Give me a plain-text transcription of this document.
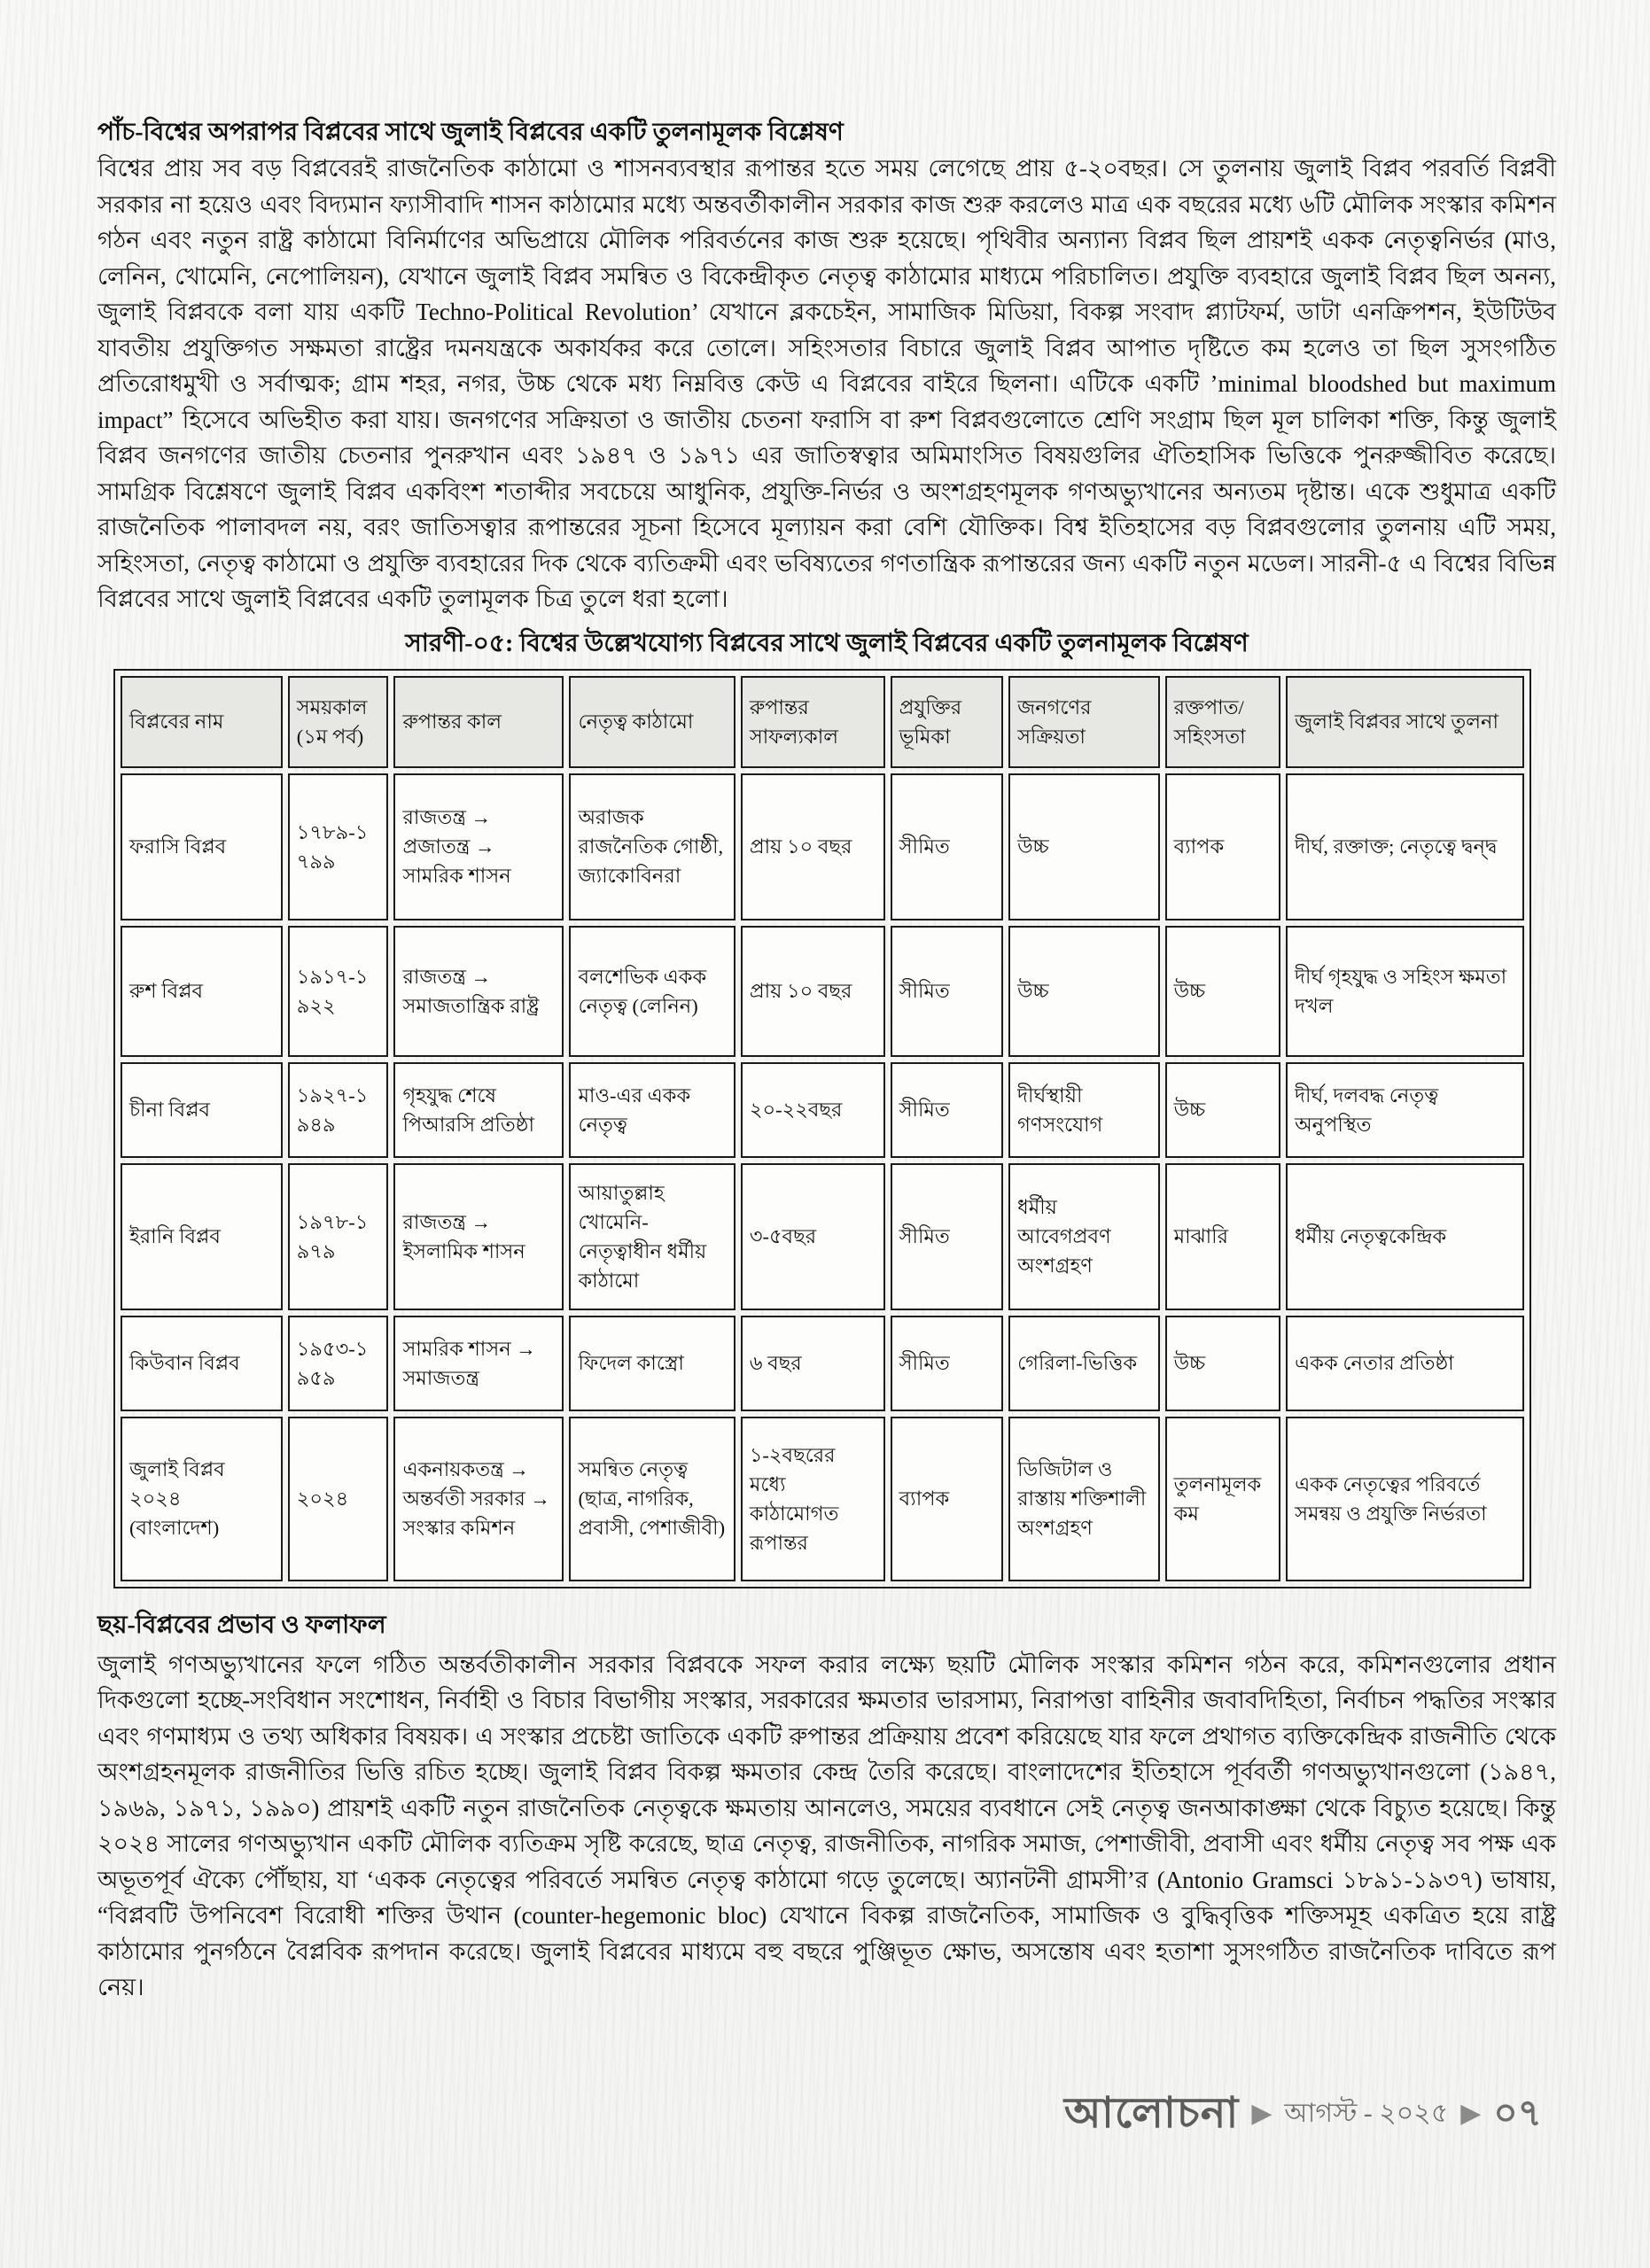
পাঁচ-বিশ্বের অপরাপর বিপ্লবের সাথে জুলাই বিপ্লবের একটি তুলনামূলক বিশ্লেষণ

বিশ্বের প্রায় সব বড় বিপ্লবেরই রাজনৈতিক কাঠামো ও শাসনব্যবস্থার রূপান্তর হতে সময় লেগেছে প্রায় ৫-২০বছর। সে তুলনায় জুলাই বিপ্লব পরবর্তি বিপ্লবী সরকার না হয়েও এবং বিদ্যমান ফ্যাসীবাদি শাসন কাঠামোর মধ্যে অন্তবর্তীকালীন সরকার কাজ শুরু করলেও মাত্র এক বছরের মধ্যে ৬টি মৌলিক সংস্কার কমিশন গঠন এবং নতুন রাষ্ট্র কাঠামো বিনির্মাণের অভিপ্রায়ে মৌলিক পরিবর্তনের কাজ শুরু হয়েছে। পৃথিবীর অন্যান্য বিপ্লব ছিল প্রায়শই একক নেতৃত্বনির্ভর (মাও, লেনিন, খোমেনি, নেপোলিয়ন), যেখানে জুলাই বিপ্লব সমন্বিত ও বিকেন্দ্রীকৃত নেতৃত্ব কাঠামোর মাধ্যমে পরিচালিত। প্রযুক্তি ব্যবহারে জুলাই বিপ্লব ছিল অনন্য, জুলাই বিপ্লবকে বলা যায় একটি Techno-Political Revolution’ যেখানে ব্লকচেইন, সামাজিক মিডিয়া, বিকল্প সংবাদ প্ল্যাটফর্ম, ডাটা এনক্রিপশন, ইউটিউব যাবতীয় প্রযুক্তিগত সক্ষমতা রাষ্ট্রের দমনযন্ত্রকে অকার্যকর করে তোলে। সহিংসতার বিচারে জুলাই বিপ্লব আপাত দৃষ্টিতে কম হলেও তা ছিল সুসংগঠিত প্রতিরোধমুখী ও সর্বাত্মক; গ্রাম শহর, নগর, উচ্চ থেকে মধ্য নিম্নবিত্ত কেউ এ বিপ্লবের বাইরে ছিলনা। এটিকে একটি ’minimal bloodshed but maximum impact” হিসেবে অভিহীত করা যায়। জনগণের সক্রিয়তা ও জাতীয় চেতনা ফরাসি বা রুশ বিপ্লবগুলোতে শ্রেণি সংগ্রাম ছিল মূল চালিকা শক্তি, কিন্তু জুলাই বিপ্লব জনগণের জাতীয় চেতনার পুনরুখান এবং ১৯৪৭ ও ১৯৭১ এর জাতিস্বত্বার অমিমাংসিত বিষয়গুলির ঐতিহাসিক ভিত্তিকে পুনরুজ্জীবিত করেছে। সামগ্রিক বিশ্লেষণে জুলাই বিপ্লব একবিংশ শতাব্দীর সবচেয়ে আধুনিক, প্রযুক্তি-নির্ভর ও অংশগ্রহণমূলক গণঅভ্যুখানের অন্যতম দৃষ্টান্ত। একে শুধুমাত্র একটি রাজনৈতিক পালাবদল নয়, বরং জাতিসত্বার রূপান্তরের সূচনা হিসেবে মূল্যায়ন করা বেশি যৌক্তিক। বিশ্ব ইতিহাসের বড় বিপ্লবগুলোর তুলনায় এটি সময়, সহিংসতা, নেতৃত্ব কাঠামো ও প্রযুক্তি ব্যবহারের দিক থেকে ব্যতিক্রমী এবং ভবিষ্যতের গণতান্ত্রিক রূপান্তরের জন্য একটি নতুন মডেল। সারনী-৫ এ বিশ্বের বিভিন্ন বিপ্লবের সাথে জুলাই বিপ্লবের একটি তুলামূলক চিত্র তুলে ধরা হলো।

সারণী-০৫: বিশ্বের উল্লেখযোগ্য বিপ্লবের সাথে জুলাই বিপ্লবের একটি তুলনামূলক বিশ্লেষণ
বিপ্লবের নাম	সময়কাল (১ম পর্ব)	রুপান্তর কাল	নেতৃত্ব কাঠামো	রুপান্তর সাফল্যকাল	প্রযুক্তির ভূমিকা	জনগণের সক্রিয়তা	রক্তপাত/ সহিংসতা	জুলাই বিপ্লবর সাথে তুলনা
ফরাসি বিপ্লব	১৭৮৯-১৭৯৯	রাজতন্ত্র → প্রজাতন্ত্র → সামরিক শাসন	অরাজক রাজনৈতিক গোষ্ঠী, জ্যাকোবিনরা	প্রায় ১০ বছর	সীমিত	উচ্চ	ব্যাপক	দীর্ঘ, রক্তাক্ত; নেতৃত্বে দ্বন্দ্ব
রুশ বিপ্লব	১৯১৭-১৯২২	রাজতন্ত্র → সমাজতান্ত্রিক রাষ্ট্র	বলশেভিক একক নেতৃত্ব (লেনিন)	প্রায় ১০ বছর	সীমিত	উচ্চ	উচ্চ	দীর্ঘ গৃহযুদ্ধ ও সহিংস ক্ষমতা দখল
চীনা বিপ্লব	১৯২৭-১৯৪৯	গৃহযুদ্ধ শেষে পিআরসি প্রতিষ্ঠা	মাও-এর একক নেতৃত্ব	২০-২২বছর	সীমিত	দীর্ঘস্থায়ী গণসংযোগ	উচ্চ	দীর্ঘ, দলবদ্ধ নেতৃত্ব অনুপস্থিত
ইরানি বিপ্লব	১৯৭৮-১৯৭৯	রাজতন্ত্র → ইসলামিক শাসন	আয়াতুল্লাহ খোমেনি-নেতৃত্বাধীন ধর্মীয় কাঠামো	৩-৫বছর	সীমিত	ধর্মীয় আবেগপ্রবণ অংশগ্রহণ	মাঝারি	ধর্মীয় নেতৃত্বকেন্দ্রিক
কিউবান বিপ্লব	১৯৫৩-১৯৫৯	সামরিক শাসন → সমাজতন্ত্র	ফিদেল কাস্ত্রো	৬ বছর	সীমিত	গেরিলা-ভিত্তিক	উচ্চ	একক নেতার প্রতিষ্ঠা
জুলাই বিপ্লব ২০২৪ (বাংলাদেশ)	২০২৪	একনায়কতন্ত্র → অন্তর্বতী সরকার → সংস্কার কমিশন	সমন্বিত নেতৃত্ব (ছাত্র, নাগরিক, প্রবাসী, পেশাজীবী)	১-২বছরের মধ্যে কাঠামোগত রূপান্তর	ব্যাপক	ডিজিটাল ও রাস্তায় শক্তিশালী অংশগ্রহণ	তুলনামূলক কম	একক নেতৃত্বের পরিবর্তে সমন্বয় ও প্রযুক্তি নির্ভরতা
ছয়-বিপ্লবের প্রভাব ও ফলাফল

জুলাই গণঅভ্যুখানের ফলে গঠিত অন্তর্বতীকালীন সরকার বিপ্লবকে সফল করার লক্ষ্যে ছয়টি মৌলিক সংস্কার কমিশন গঠন করে, কমিশনগুলোর প্রধান দিকগুলো হচ্ছে-সংবিধান সংশোধন, নির্বাহী ও বিচার বিভাগীয় সংস্কার, সরকারের ক্ষমতার ভারসাম্য, নিরাপত্তা বাহিনীর জবাবদিহিতা, নির্বাচন পদ্ধতির সংস্কার এবং গণমাধ্যম ও তথ্য অধিকার বিষয়ক। এ সংস্কার প্রচেষ্টা জাতিকে একটি রুপান্তর প্রক্রিয়ায় প্রবেশ করিয়েছে যার ফলে প্রথাগত ব্যক্তিকেন্দ্রিক রাজনীতি থেকে অংশগ্রহনমূলক রাজনীতির ভিত্তি রচিত হচ্ছে। জুলাই বিপ্লব বিকল্প ক্ষমতার কেন্দ্র তৈরি করেছে। বাংলাদেশের ইতিহাসে পূর্ববর্তী গণঅভ্যুখানগুলো (১৯৪৭, ১৯৬৯, ১৯৭১, ১৯৯০) প্রায়শই একটি নতুন রাজনৈতিক নেতৃত্বকে ক্ষমতায় আনলেও, সময়ের ব্যবধানে সেই নেতৃত্ব জনআকাঙ্ক্ষা থেকে বিচ্যুত হয়েছে। কিন্তু ২০২৪ সালের গণঅভ্যুখান একটি মৌলিক ব্যতিক্রম সৃষ্টি করেছে, ছাত্র নেতৃত্ব, রাজনীতিক, নাগরিক সমাজ, পেশাজীবী, প্রবাসী এবং ধর্মীয় নেতৃত্ব সব পক্ষ এক অভূতপূর্ব ঐক্যে পৌঁছায়, যা ‘একক নেতৃত্বের পরিবর্তে সমন্বিত নেতৃত্ব কাঠামো গড়ে তুলেছে। অ্যানটনী গ্রামসী’র (Antonio Gramsci ১৮৯১-১৯৩৭) ভাষায়, “বিপ্লবটি উপনিবেশ বিরোধী শক্তির উথান (counter-hegemonic bloc) যেখানে বিকল্প রাজনৈতিক, সামাজিক ও বুদ্ধিবৃত্তিক শক্তিসমূহ একত্রিত হয়ে রাষ্ট্র কাঠামোর পুনর্গঠনে বৈপ্লবিক রূপদান করেছে। জুলাই বিপ্লবের মাধ্যমে বহু বছরে পুঞ্জিভূত ক্ষোভ, অসন্তোষ এবং হতাশা সুসংগঠিত রাজনৈতিক দাবিতে রূপ নেয়।

আলোচনা ▶ আগস্ট - ২০২৫ ▶ ০৭
